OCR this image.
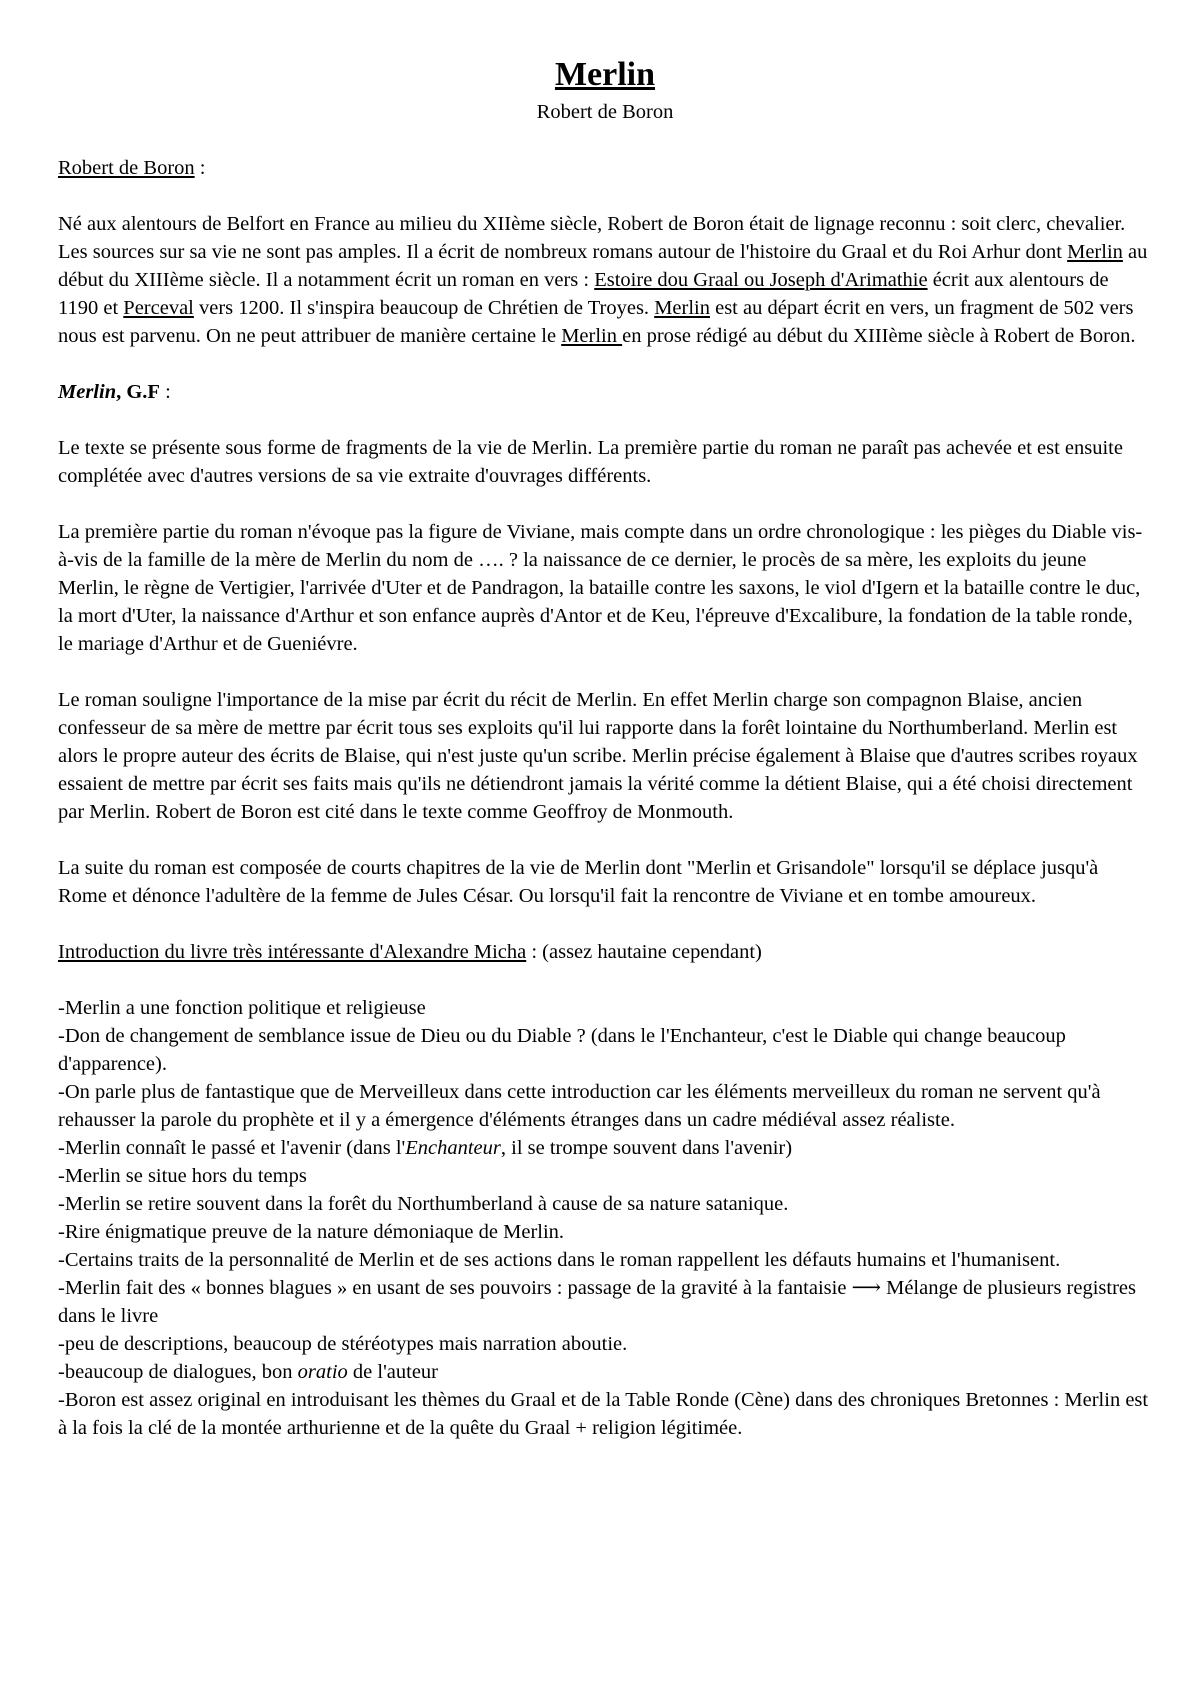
Merlin
Robert de Boron

Robert de Boron :

Né aux alentours de Belfort en France au milieu du XIIème siècle, Robert de Boron était de lignage reconnu : soit clerc, chevalier. Les sources sur sa vie ne sont pas amples. Il a écrit de nombreux romans autour de l'histoire du Graal et du Roi Arhur dont Merlin au début du XIIIème siècle. Il a notamment écrit un roman en vers : Estoire dou Graal ou Joseph d'Arimathie écrit aux alentours de 1190 et Perceval vers 1200. Il s'inspira beaucoup de Chrétien de Troyes. Merlin est au départ écrit en vers, un fragment de 502 vers nous est parvenu. On ne peut attribuer de manière certaine le Merlin en prose rédigé au début du XIIIème siècle à Robert de Boron.

Merlin, G.F :

Le texte se présente sous forme de fragments de la vie de Merlin. La première partie du roman ne paraît pas achevée et est ensuite complétée avec d'autres versions de sa vie extraite d'ouvrages différents.

La première partie du roman n'évoque pas la figure de Viviane, mais compte dans un ordre chronologique : les pièges du Diable vis-à-vis de la famille de la mère de Merlin du nom de …. ? la naissance de ce dernier, le procès de sa mère, les exploits du jeune Merlin, le règne de Vertigier, l'arrivée d'Uter et de Pandragon, la bataille contre les saxons, le viol d'Igern et la bataille contre le duc, la mort d'Uter, la naissance d'Arthur et son enfance auprès d'Antor et de Keu, l'épreuve d'Excalibure, la fondation de la table ronde, le mariage d'Arthur et de Gueniévre.

Le roman souligne l'importance de la mise par écrit du récit de Merlin. En effet Merlin charge son compagnon Blaise, ancien confesseur de sa mère de mettre par écrit tous ses exploits qu'il lui rapporte dans la forêt lointaine du Northumberland. Merlin est alors le propre auteur des écrits de Blaise, qui n'est juste qu'un scribe. Merlin précise également à Blaise que d'autres scribes royaux essaient de mettre par écrit ses faits mais qu'ils ne détiendront jamais la vérité comme la détient Blaise, qui a été choisi directement par Merlin. Robert de Boron est cité dans le texte comme Geoffroy de Monmouth.

La suite du roman est composée de courts chapitres de la vie de Merlin dont "Merlin et Grisandole" lorsqu'il se déplace jusqu'à Rome et dénonce l'adultère de la femme de Jules César. Ou lorsqu'il fait la rencontre de Viviane et en tombe amoureux.

Introduction du livre très intéressante d'Alexandre Micha : (assez hautaine cependant)

-Merlin a une fonction politique et religieuse
-Don de changement de semblance issue de Dieu ou du Diable ? (dans le l'Enchanteur, c'est le Diable qui change beaucoup d'apparence).
-On parle plus de fantastique que de Merveilleux dans cette introduction car les éléments merveilleux du roman ne servent qu'à rehausser la parole du prophète et il y a émergence d'éléments étranges dans un cadre médiéval assez réaliste.
-Merlin connaît le passé et l'avenir (dans l'Enchanteur, il se trompe souvent dans l'avenir)
-Merlin se situe hors du temps
-Merlin se retire souvent dans la forêt du Northumberland à cause de sa nature satanique.
-Rire énigmatique preuve de la nature démoniaque de Merlin.
-Certains traits de la personnalité de Merlin et de ses actions dans le roman rappellent les défauts humains et l'humanisent.
-Merlin fait des « bonnes blagues » en usant de ses pouvoirs : passage de la gravité à la fantaisie ⟶ Mélange de plusieurs registres dans le livre
-peu de descriptions, beaucoup de stéréotypes mais narration aboutie.
-beaucoup de dialogues, bon oratio de l'auteur
-Boron est assez original en introduisant les thèmes du Graal et de la Table Ronde (Cène) dans des chroniques Bretonnes : Merlin est à la fois la clé de la montée arthurienne et de la quête du Graal + religion légitimée.
